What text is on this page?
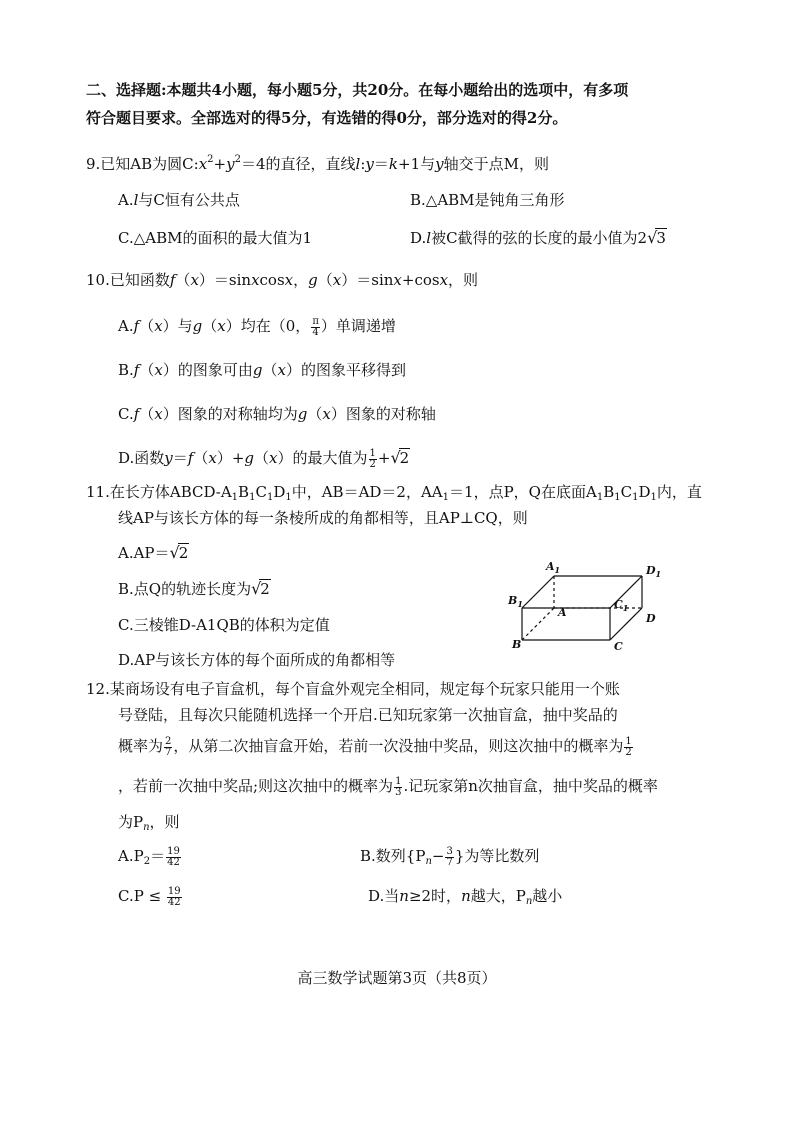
二、选择题:本题共4小题，每小题5分，共20分。在每小题给出的选项中，有多项
符合题目要求。全部选对的得5分，有选错的得0分，部分选对的得2分。
9.已知AB为圆$C:x^2+y^2=4$的直径，直线l:y＝k+1与y轴交于点M，则
A.l与C恒有公共点	B.△ABM是钝角三角形
C.△ABM的面积的最大值为1	D.l被C截得的弦的长度的最小值为2√3
10.已知函数f（x）＝sinxcosx，g（x）＝sinx+cosx，则
A.f（x）与g（x）均在（0， $\frac{\pi}{4}$ ）单调递增
B.f（x）的图象可由g（x）的图象平移得到
C.f（x）图象的对称轴均为g（x）图象的对称轴
D.函数y＝f（x）+g（x）的最大值为 $\frac{1}{2} +√2$
11.在长方体ABCD-$A_1B_1C_1D_1$中，AB＝AD＝2，$AA_1=1$，点P，Q在底面$A_1B_1C_1D_1$内，直
线AP与该长方体的每一条棱所成的角都相等，且AP⊥CQ，则
A.AP＝√2
B.点Q的轨迹长度为√2
C.三棱锥D-A1QB的体积为定值
D.AP与该长方体的每个面所成的角都相等
$A_1$	$D_1$
$B_1$	$C_1$
A	D
B	C
12.某商场设有电子盲盒机，每个盲盒外观完全相同，规定每个玩家只能用一个账
号登陆，且每次只能随机选择一个开启.已知玩家第一次抽盲盒，抽中奖品的
概率为 $\frac{2}{7}$ ，从第二次抽盲盒开始，若前一次没抽中奖品，则这次抽中的概率为 $\frac{1}{2}$
，若前一次抽中奖品;则这次抽中的概率为 $\frac{1}{3}$ .记玩家第n次抽盲盒，抽中奖品的概率
为$P_n$，则
$A.P_2= \frac{19}{42}$	B.数列{$P_n- \frac{3}{7}$ }为等比数列
$C.P \le \frac{19}{42}$	D.当n≥2时，n越大，$P_n$越小
高三数学试题第3页（共8页）
